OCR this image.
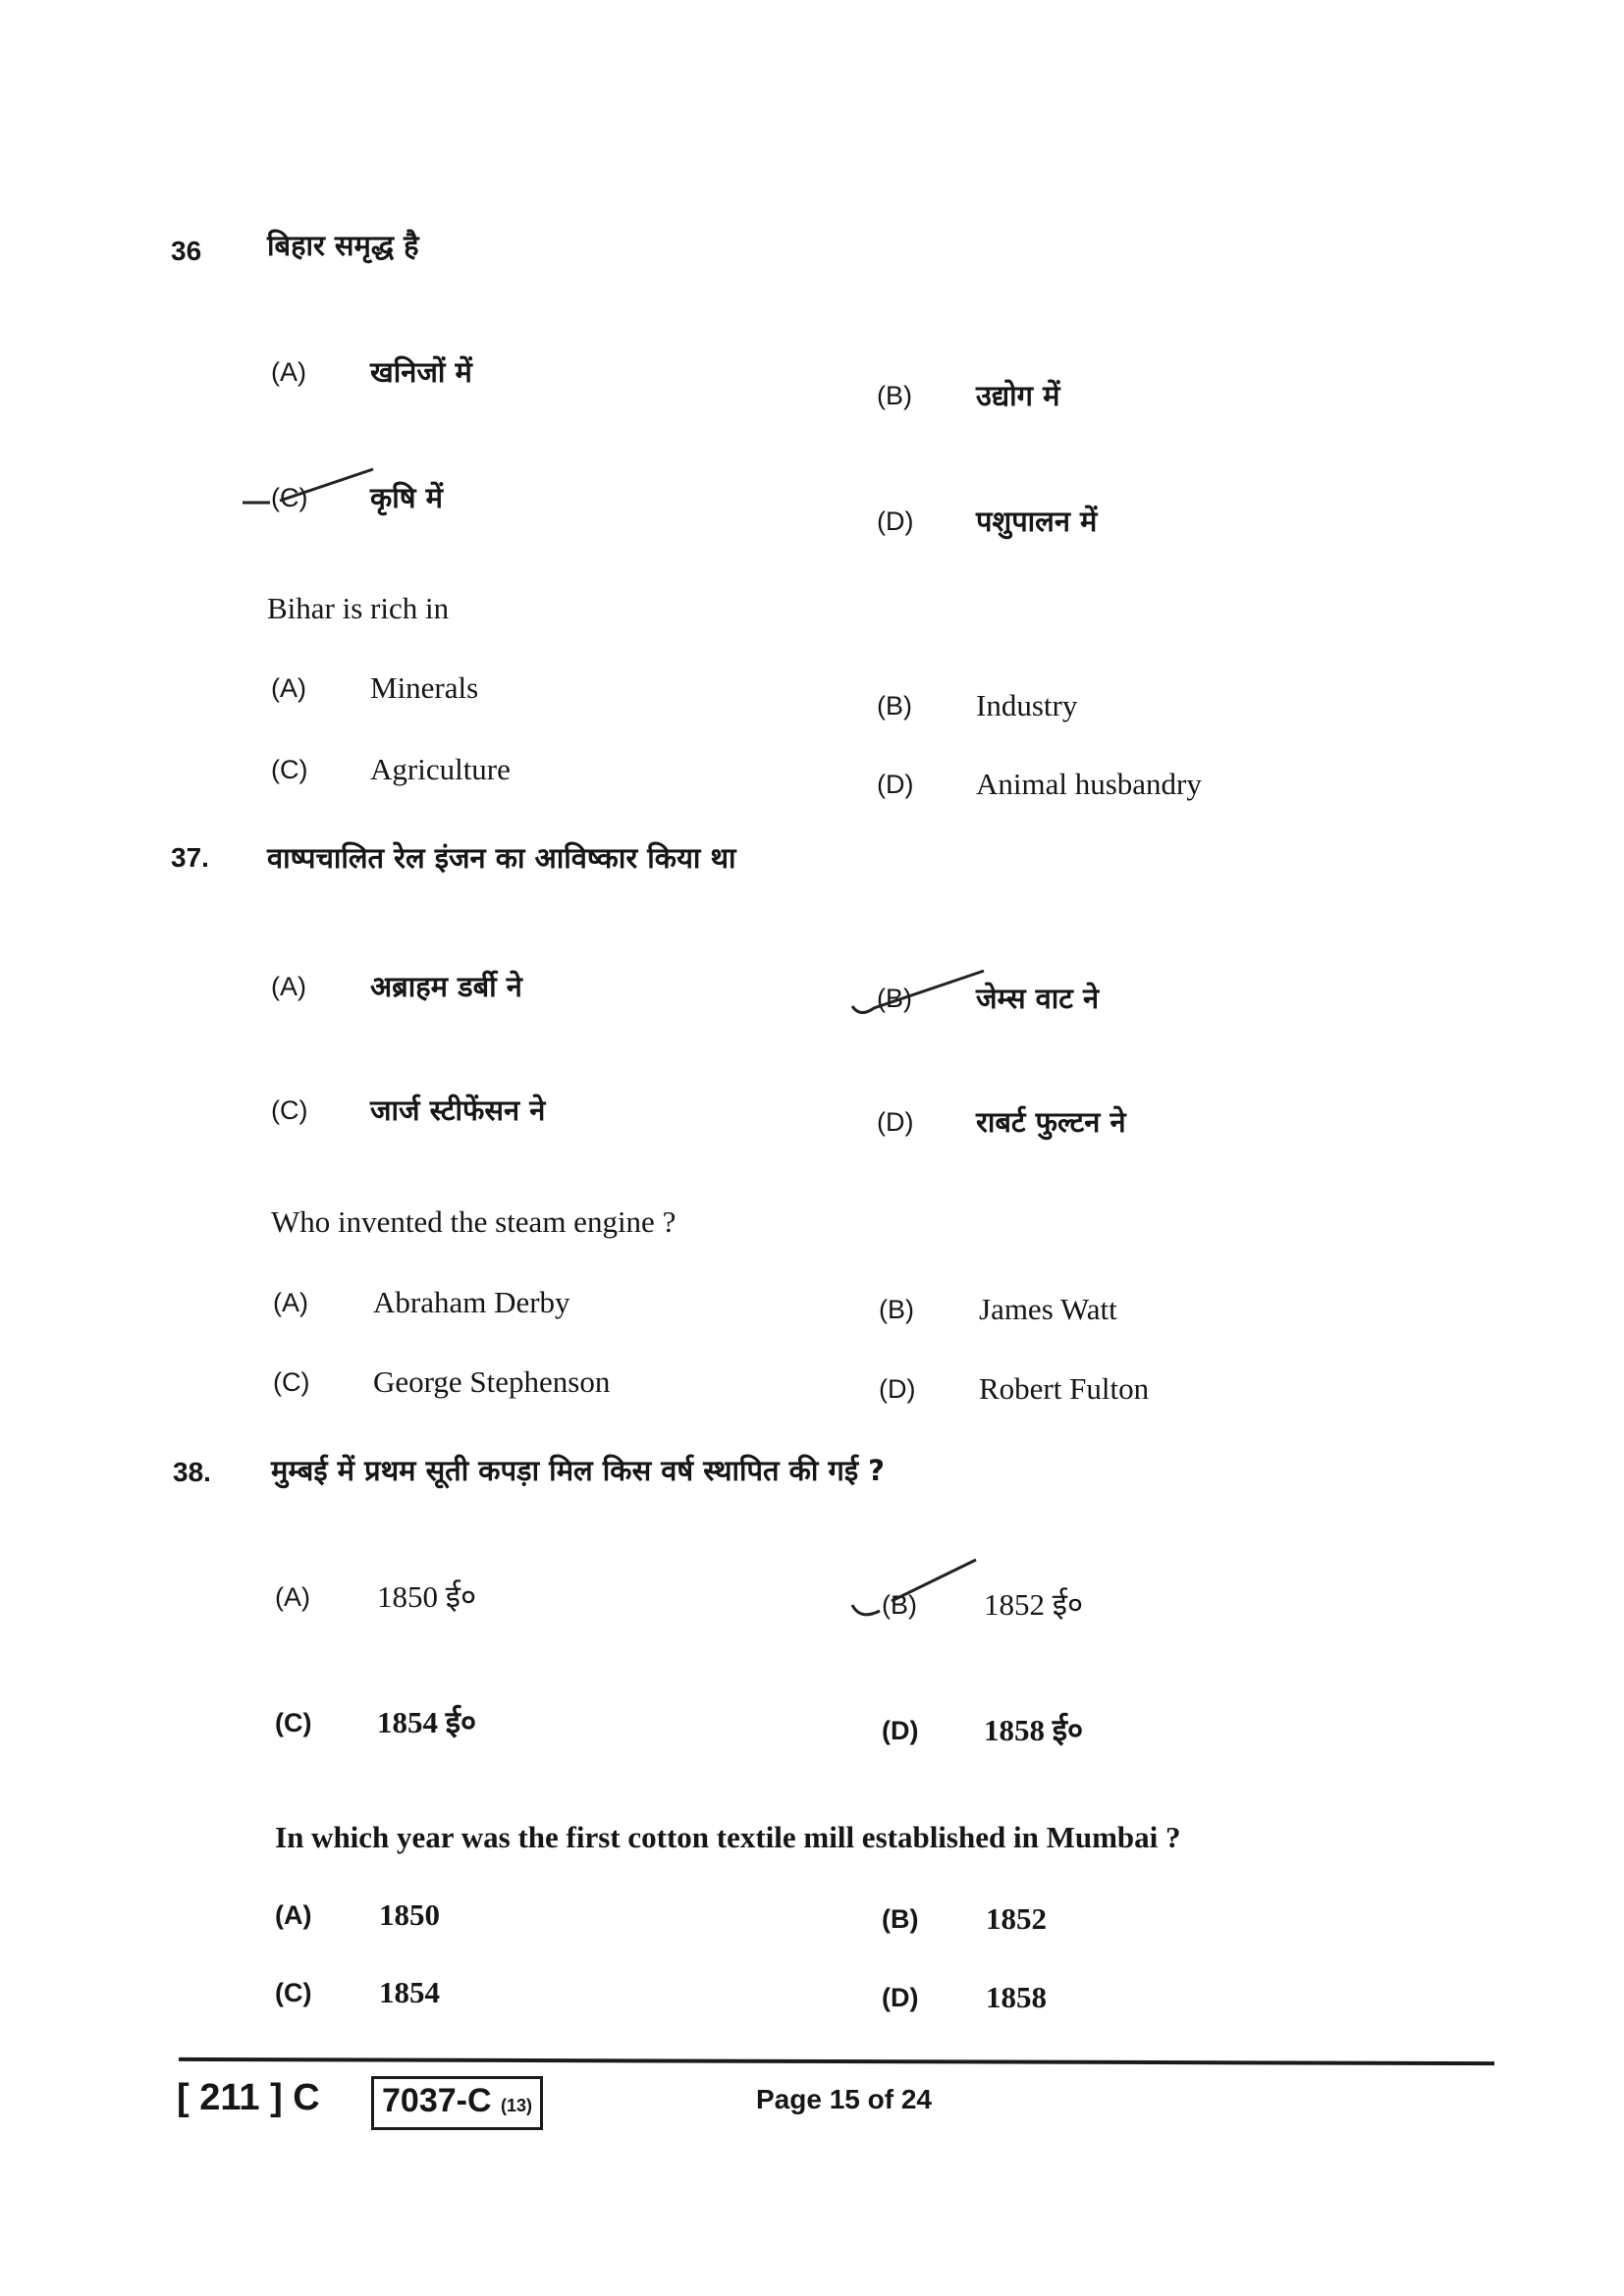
36 बिहार समृद्ध है
(A) खनिजों में
(B) उद्योग में
(C) कृषि में
(D) पशुपालन में
Bihar is rich in
(A) Minerals
(B) Industry
(C) Agriculture	(D) Animal husbandry
37. वाष्पचालित रेल इंजन का आविष्कार किया था
(A) अब्राहम डर्बी ने	(B) जेम्स वाट ने
(C) जार्ज स्टीफेंसन ने	(D) राबर्ट फुल्टन ने
Who invented the steam engine ?
(A) Abraham Derby	(B) James Watt
(C) George Stephenson	(D) Robert Fulton
38. मुम्बई में प्रथम सूती कपड़ा मिल किस वर्ष स्थापित की गई ?
(A) 1850 ई०	(B) 1852 ई०
(C) 1854 ई०	(D) 1858 ई०
In which year was the first cotton textile mill established in Mumbai ?
(A) 1850	(B) 1852
(C) 1854	(D) 1858
[ 211 ] C	7037-C (13)	Page 15 of 24
